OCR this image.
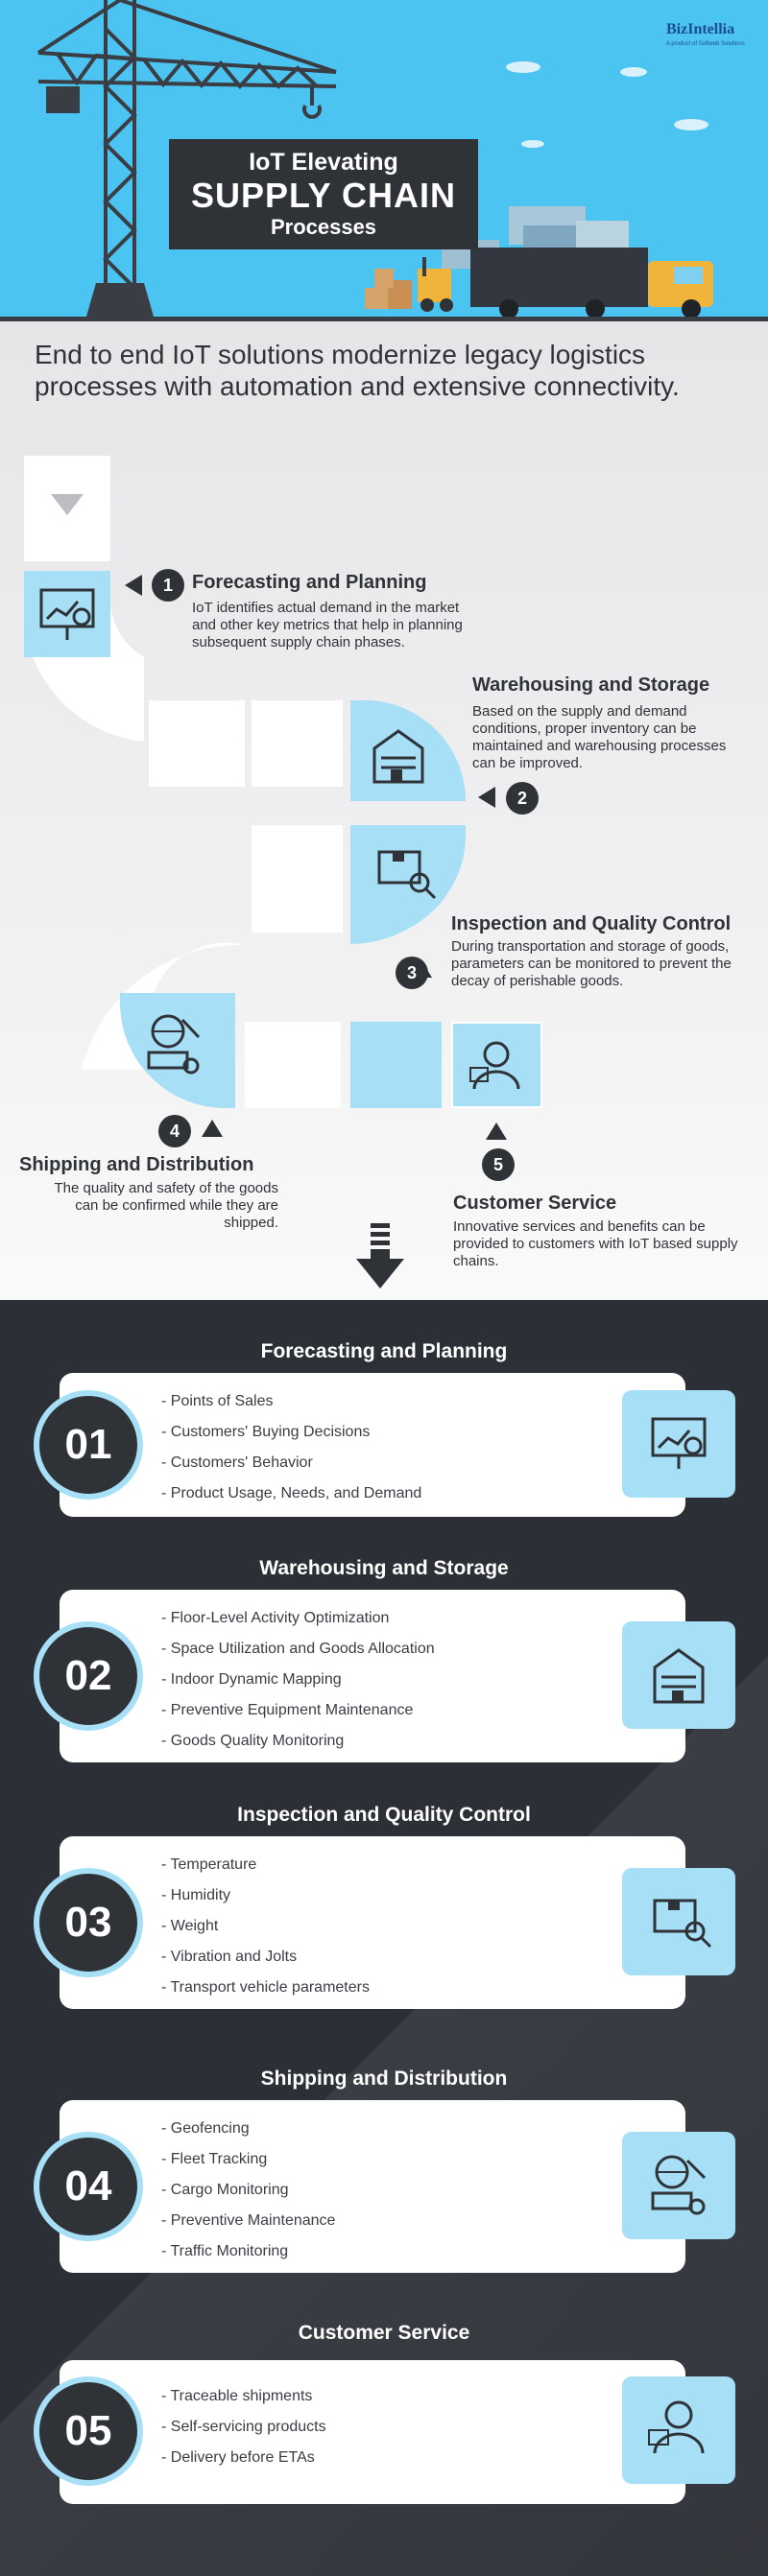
IoT Elevating
SUPPLY CHAIN
Processes
BizIntellia
A product of Softweb Solutions
End to end IoT solutions modernize legacy logistics processes with automation and extensive connectivity.
1	Forecasting and Planning
IoT identifies actual demand in the market and other key metrics that help in planning subsequent supply chain phases.
Warehousing and Storage
Based on the supply and demand conditions, proper inventory can be maintained and warehousing processes can be improved.
2
Inspection and Quality Control
During transportation and storage of goods, parameters can be monitored to prevent the decay of perishable goods.
3
4
Shipping and Distribution
The quality and safety of the goods can be confirmed while they are shipped.
5
Customer Service
Innovative services and benefits can be provided to customers with IoT based supply chains.
Forecasting and Planning
- Points of Sales
- Customers' Buying Decisions
- Customers' Behavior
- Product Usage, Needs, and Demand
01
Warehousing and Storage
- Floor-Level Activity Optimization
- Space Utilization and Goods Allocation
- Indoor Dynamic Mapping
- Preventive Equipment Maintenance
- Goods Quality Monitoring
02
Inspection and Quality Control
- Temperature
- Humidity
- Weight
- Vibration and Jolts
- Transport vehicle parameters
03
Shipping and Distribution
- Geofencing
- Fleet Tracking
- Cargo Monitoring
- Preventive Maintenance
- Traffic Monitoring
04
Customer Service
- Traceable shipments
- Self-servicing products
- Delivery before ETAs
05
